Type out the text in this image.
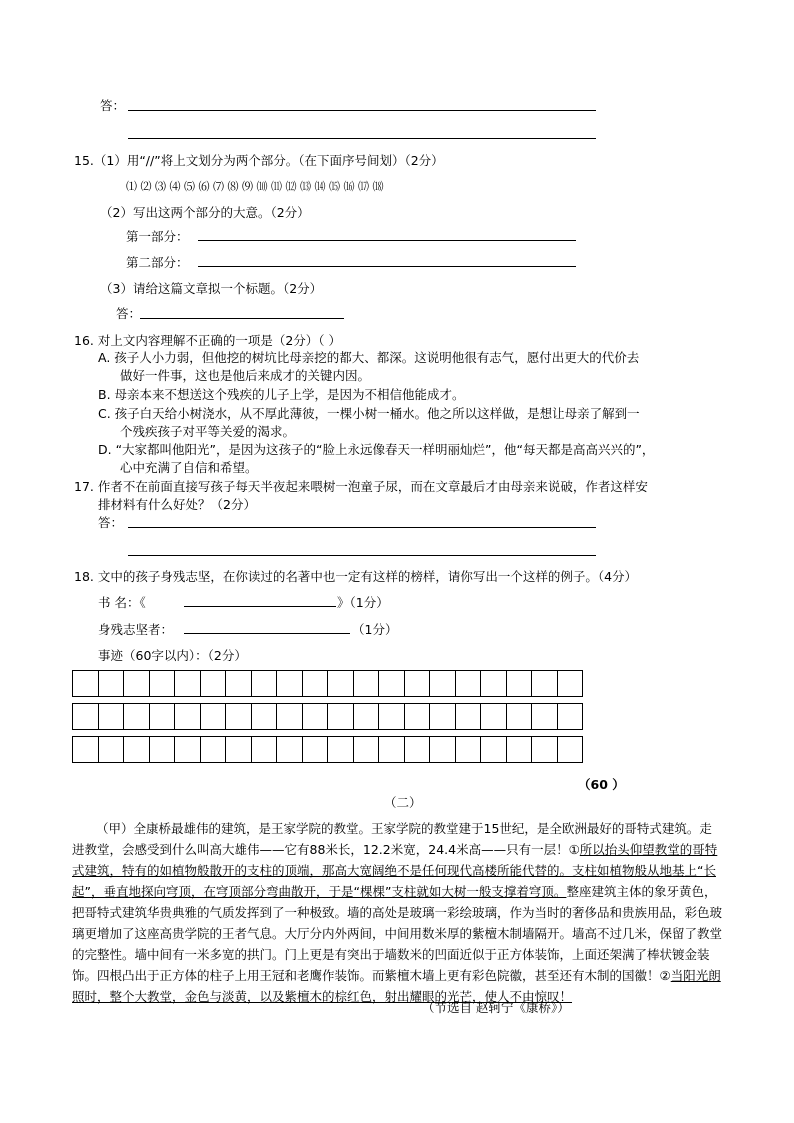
答：
15.（1）用“//”将上文划分为两个部分。（在下面序号间划）（2分）
⑴ ⑵ ⑶ ⑷ ⑸ ⑹ ⑺ ⑻ ⑼ ⑽ ⑾ ⑿ ⒀ ⒁ ⒂ ⒃ ⒄ ⒅
（2）写出这两个部分的大意。（2分）
第一部分：
第二部分：
（3）请给这篇文章拟一个标题。（2分）
答：
16. 对上文内容理解不正确的一项是（2分）（ ）
A. 孩子人小力弱，但他挖的树坑比母亲挖的都大、都深。这说明他很有志气，愿付出更大的代价去
做好一件事，这也是他后来成才的关键内因。
B. 母亲本来不想送这个残疾的儿子上学，是因为不相信他能成才。
C. 孩子白天给小树浇水，从不厚此薄彼，一棵小树一桶水。他之所以这样做，是想让母亲了解到一
个残疾孩子对平等关爱的渴求。
D. “大家都叫他阳光”，是因为这孩子的“脸上永远像春天一样明丽灿烂”，他“每天都是高高兴兴的”，
心中充满了自信和希望。
17. 作者不在前面直接写孩子每天半夜起来喂树一泡童子尿，而在文章最后才由母亲来说破，作者这样安
排材料有什么好处？（2分）
答：
18. 文中的孩子身残志坚，在你读过的名著中也一定有这样的榜样，请你写出一个这样的例子。（4分）
书 名：《	》（1分）
身残志坚者：	（1分）
事迹（60字以内）：（2分）
（60 ）
（二）
（甲）全康桥最雄伟的建筑，是王家学院的教堂。王家学院的教堂建于15世纪，是全欧洲最好的哥特式建筑。走进教堂，会感受到什么叫高大雄伟——它有88米长，12.2米宽，24.4米高——只有一层！①所以抬头仰望教堂的哥特式建筑，特有的如植物般散开的支柱的顶端，那高大宽阔绝不是任何现代高楼所能代替的。支柱如植物般从地基上“长起”，垂直地探向穹顶，在穹顶部分弯曲散开，于是“棵棵”支柱就如大树一般支撑着穹顶。整座建筑主体的象牙黄色，把哥特式建筑华贵典雅的气质发挥到了一种极致。墙的高处是玻璃一彩绘玻璃，作为当时的奢侈品和贵族用品，彩色玻璃更增加了这座高贵学院的王者气息。大厅分内外两间，中间用数米厚的紫檀木制墙隔开。墙高不过几米，保留了教堂的完整性。墙中间有一米多宽的拱门。门上更是有突出于墙数米的凹面近似于正方体装饰，上面还架满了棒状镀金装饰。四根凸出于正方体的柱子上用王冠和老鹰作装饰。而紫檀木墙上更有彩色院徽，甚至还有木制的国徽！②当阳光朗照时，整个大教堂，金色与淡黄，以及紫檀木的棕红色，射出耀眼的光芒，使人不由惊叹！
（节选自 赵轲宁《康桥》）
